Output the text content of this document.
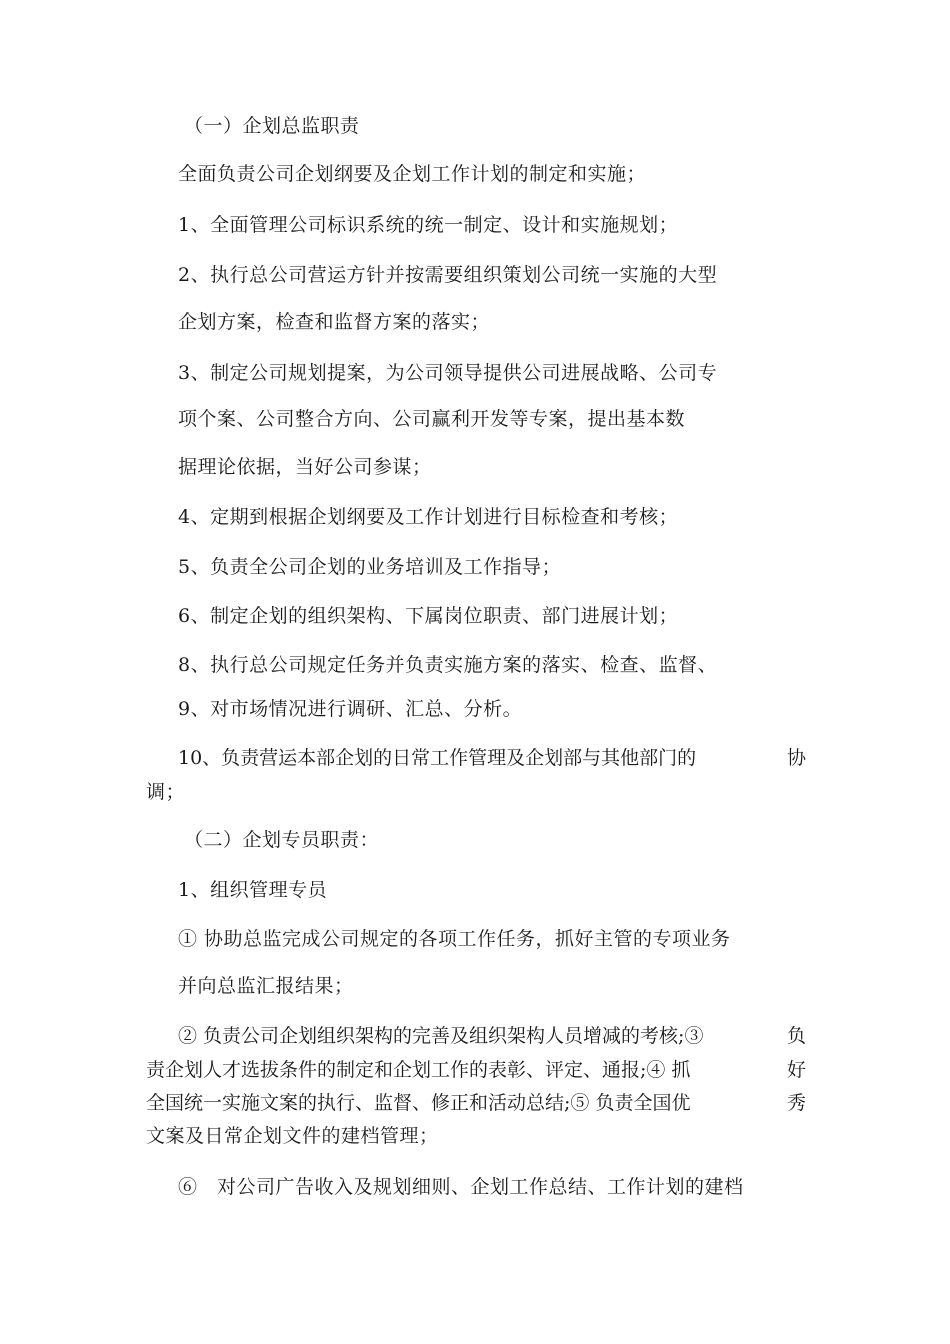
（一）企划总监职责
全面负责公司企划纲要及企划工作计划的制定和实施；
1、全面管理公司标识系统的统一制定、设计和实施规划；
2、执行总公司营运方针并按需要组织策划公司统一实施的大型
企划方案，检查和监督方案的落实；
3、制定公司规划提案，为公司领导提供公司进展战略、公司专
项个案、公司整合方向、公司赢利开发等专案，提出基本数
据理论依据，当好公司参谋；
4、定期到根据企划纲要及工作计划进行目标检查和考核；
5、负责全公司企划的业务培训及工作指导；
6、制定企划的组织架构、下属岗位职责、部门进展计划；
8、执行总公司规定任务并负责实施方案的落实、检查、监督、
9、对市场情况进行调研、汇总、分析。
10、负责营运本部企划的日常工作管理及企划部与其他部门的	协
调；
（二）企划专员职责：
1、组织管理专员
① 协助总监完成公司规定的各项工作任务，抓好主管的专项业务
并向总监汇报结果；
② 负责公司企划组织架构的完善及组织架构人员增减的考核;③	负
责企划人才选拔条件的制定和企划工作的表彰、评定、通报;④ 抓	好
全国统一实施文案的执行、监督、修正和活动总结;⑤ 负责全国优	秀
文案及日常企划文件的建档管理；
⑥　对公司广告收入及规划细则、企划工作总结、工作计划的建档
